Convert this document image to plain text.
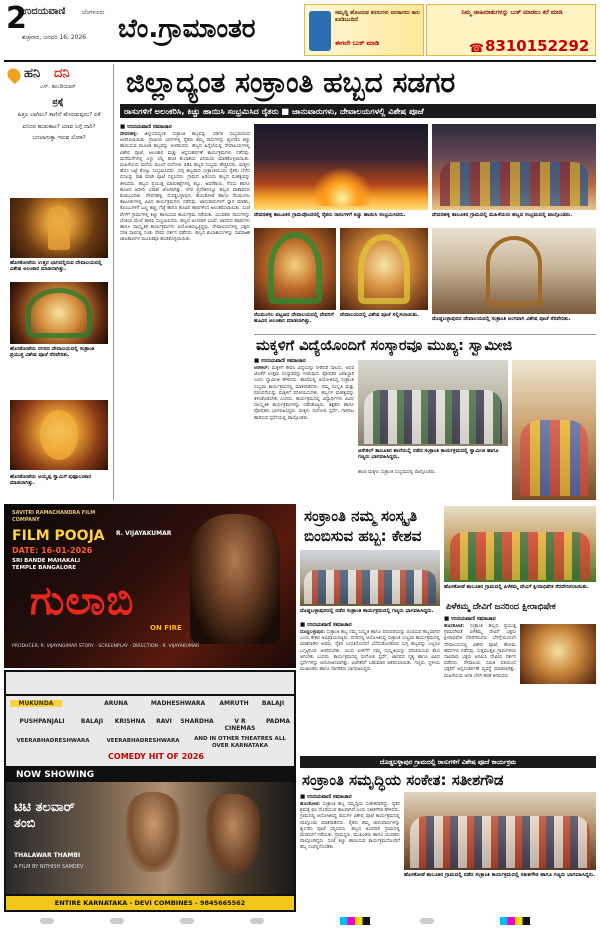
2
ಉದಯವಾಣಿ	ಬೆಂಗಳೂರು
ಶುಕ್ರವಾರ, ಜನವರಿ 16, 2026 ಬೆಂ.ಗ್ರಾಮಾಂತರ
ಸಮೃದ್ಧಿ ಹೊಂದುವ ಕನಸುಗಳು ನನಸಾಗಲು ಕಾಲ ಕೂಡಿಬಂದಿದೆ
ಈಗಲೇ ಬುಕ್ ಮಾಡಿ
ನಿಮ್ಮ ಜಾಹೀರಾತುಗಳನ್ನು ಬುಕ್ ಮಾಡಲು ಕರೆ ಮಾಡಿ
☎ 8310152292
ಹನಿ ದನಿ
ಎಸ್. ಹುಂಡಿಯಾರ್
ಪ್ರಶ್ನೆ
ಹಿತ್ತಲ ಬಾಗಿಲು? ಕಾಣಿದೆ ಹೊರಡುವುದು? ಏಕೆ ಏನಿದರ ಹುಡುಕಾಟ? ಯಾವ ಬಗ್ಗೆ ದಾರಿ? ಬದಲಾಗುತ್ತಾ ಇರುವ ಲೋಕ?
ಹೊಸಕೋಟೆಯ ಉತ್ತರ ಭಾಗದಲ್ಲಿರುವ ದೇವಾಲಯದಲ್ಲಿ ವಿಶೇಷ ಅಲಂಕಾರ ಮಾಡಲಾಗಿತ್ತು.
ಹೊಸಕೋಟೆಯ ನಗರದ ದೇವಾಲಯದಲ್ಲಿ ಸಂಕ್ರಾಂತಿ ಪ್ರಯುಕ್ತ ವಿಶೇಷ ಪೂಜೆ ನೆರವೇರಿತು.
ಹೊಸಕೋಟೆಯ ಅಯ್ಯಪ್ಪ ಸ್ವಾಮಿಗೆ ಪುಷ್ಪಾಲಂಕಾರ ಮಾಡಲಾಗಿತ್ತು.
ಜಿಲ್ಲಾದ್ಯಂತ ಸಂಕ್ರಾಂತಿ ಹಬ್ಬದ ಸಡಗರ
ರಾಸುಗಳಿಗೆ ಅಲಂಕರಿಸಿ, ಕಿಚ್ಚು ಹಾಯಿಸಿ ಸಂಭ್ರಮಿಸಿದ ರೈತರು ■ ಜಾನುವಾರುಗಳು, ದೇವಾಲಯಗಳಲ್ಲಿ ವಿಶೇಷ ಪೂಜೆ
■ ಉದಯವಾಣಿ ಸಮಾಚಾರ
ದೇವನಹಳ್ಳಿ: ಜಿಲ್ಲೆಯಾದ್ಯಂತ ಸಂಕ್ರಾಂತಿ ಹಬ್ಬವನ್ನು ಸಡಗರ ಸಂಭ್ರಮದಿಂದ ಆಚರಿಸಲಾಯಿತು. ಗ್ರಾಮೀಣ ಭಾಗಗಳಲ್ಲಿ ರೈತರು ತಮ್ಮ ರಾಸುಗಳನ್ನು ಶೃಂಗರಿಸಿ ಕಿಚ್ಚು ಹಾಯಿಸುವ ಮೂಲಕ ಹಬ್ಬವನ್ನು ಆಚರಿಸಿದರು. ಹಬ್ಬದ ಹಿನ್ನೆಲೆಯಲ್ಲಿ ದೇವಾಲಯಗಳಲ್ಲಿ ವಿಶೇಷ ಪೂಜೆ, ಅಲಂಕಾರ ಮತ್ತು ಅನ್ನಸಂತರ್ಪಣೆ ಕಾರ್ಯಕ್ರಮಗಳು ನಡೆದವು. ಮನೆಮನೆಗಳಲ್ಲಿ ಎಳ್ಳು ಬೆಲ್ಲ ಹಂಚಿ ಶುಭಾಶಯ ವಿನಿಮಯ ಮಾಡಿಕೊಳ್ಳಲಾಯಿತು. ಮಹಿಳೆಯರು ಮನೆಯ ಮುಂದೆ ರಂಗೋಲಿ ಬಿಡಿಸಿ ಹಬ್ಬದ ಸಂಭ್ರಮ ಹೆಚ್ಚಿಸಿದರು. ಮಕ್ಕಳು ಹೊಸ ಬಟ್ಟೆ ತೊಟ್ಟು ಸಂಭ್ರಮಿಸಿದರು. ಸುಗ್ಗಿ ಹಬ್ಬವಾದ ಸಂಕ್ರಾಂತಿಯಂದು ರೈತರು ಬೆಳೆದ ಫಸಲನ್ನು ರಾಶಿ ಮಾಡಿ ಪೂಜೆ ಸಲ್ಲಿಸಿದರು. ಗ್ರಾಮದ ಹಿರಿಯರು ಹಬ್ಬದ ಮಹತ್ವವನ್ನು ತಿಳಿಸಿದರು. ಹಬ್ಬದ ಪ್ರಯುಕ್ತ ಮಾರುಕಟ್ಟೆಗಳಲ್ಲಿ ಕಬ್ಬು, ಅವರೆಕಾಯಿ, ಗೆಣಸು ಹಾಗೂ ಹೂವಿನ ಖರೀದಿ ಭರಾಟೆ ಜೋರಾಗಿತ್ತು. ನಗರ ಪ್ರದೇಶದಲ್ಲೂ ಹಬ್ಬದ ವಾತಾವರಣ ಕಂಡುಬಂದಿತು. ದೇವನಹಳ್ಳಿ, ದೊಡ್ಡಬಳ್ಳಾಪುರ, ಹೊಸಕೋಟೆ ಹಾಗೂ ನೆಲಮಂಗಲ ತಾಲೂಕುಗಳಲ್ಲಿ ವಿವಿಧ ಕಾರ್ಯಕ್ರಮಗಳು ನಡೆದವು. ಜಾನುವಾರುಗಳಿಗೆ ಸ್ನಾನ ಮಾಡಿಸಿ, ಕೊಂಬುಗಳಿಗೆ ಬಣ್ಣ ಹಚ್ಚಿ, ಗೆಜ್ಜೆ ಹಾಗೂ ಹೂವಿನ ಹಾರಗಳಿಂದ ಅಲಂಕರಿಸಲಾಯಿತು. ಸಂಜೆ ವೇಳೆಗೆ ಗ್ರಾಮಗಳಲ್ಲಿ ಕಿಚ್ಚು ಹಾಯಿಸುವ ಕಾರ್ಯಕ್ರಮ ನಡೆಯಿತು. ಯುವಕರು ರಾಸುಗಳನ್ನು ಬೆಂಕಿಯ ಮೇಲೆ ಹಾರಿಸಿ ಸಂಭ್ರಮಿಸಿದರು. ಹಬ್ಬದ ಅಂಗವಾಗಿ ಭಜನೆ, ಜಾನಪದ ಹಾಡುಗಳು ಹಾಗೂ ಸಾಂಸ್ಕೃತಿಕ ಕಾರ್ಯಕ್ರಮಗಳು ಆಯೋಜಿಸಲ್ಪಟ್ಟಿದ್ದವು. ದೇವಾಲಯಗಳಲ್ಲಿ ಭಕ್ತರು ಸರತಿ ಸಾಲಿನಲ್ಲಿ ನಿಂತು ದೇವರ ದರ್ಶನ ಪಡೆದರು. ಹಬ್ಬದ ಶುಭಾಶಯಗಳನ್ನು ಸಾಮಾಜಿಕ ಜಾಲತಾಣಗಳ ಮೂಲಕವೂ ಹಂಚಿಕೊಳ್ಳಲಾಯಿತು.
ದೇವನಹಳ್ಳಿ ತಾಲೂಕಿನ ಗ್ರಾಮವೊಂದರಲ್ಲಿ ರೈತರು ರಾಸುಗಳಿಗೆ ಕಿಚ್ಚು ಹಾಯಿಸಿ ಸಂಭ್ರಮಿಸಿದರು.	ದೇವನಹಳ್ಳಿ ತಾಲೂಕಿನ ಗ್ರಾಮದಲ್ಲಿ ಮಹಿಳೆಯರು ಹಬ್ಬದ ಸಂಭ್ರಮದಲ್ಲಿ ಪಾಲ್ಗೊಂಡರು.
ನೆಲಮಂಗಲ ಪಟ್ಟಣದ ದೇವಾಲಯದಲ್ಲಿ ದೇವರಿಗೆ ಹೂವಿನ ಅಲಂಕಾರ ಮಾಡಲಾಗಿತ್ತು.
ದೇವಾಲಯದಲ್ಲಿ ವಿಶೇಷ ಪೂಜೆ ಸಲ್ಲಿಸಲಾಯಿತು.
ದೊಡ್ಡಬಳ್ಳಾಪುರದ ದೇವಾಲಯದಲ್ಲಿ ಸಂಕ್ರಾಂತಿ ಅಂಗವಾಗಿ ವಿಶೇಷ ಪೂಜೆ ನೆರವೇರಿತು.
ಮಕ್ಕಳಿಗೆ ವಿದ್ಯೆಯೊಂದಿಗೆ ಸಂಸ್ಕಾರವೂ ಮುಖ್ಯ: ಸ್ವಾಮೀಜಿ
■ ಉದಯವಾಣಿ ಸಮಾಚಾರ
ಆನೇಕಲ್: ಮಕ್ಕಳಿಗೆ ಕೇವಲ ವಿದ್ಯೆಯನ್ನು ನೀಡಿದರೆ ಸಾಲದು, ಅದರ ಜೊತೆಗೆ ಉತ್ತಮ ಸಂಸ್ಕಾರವನ್ನು ನೀಡುವುದು ಪೋಷಕರ ಜವಾಬ್ದಾರಿ ಎಂದು ಸ್ವಾಮೀಜಿ ಹೇಳಿದರು. ಶಾಲೆಯಲ್ಲಿ ಆಯೋಜಿಸಿದ್ದ ಸಂಕ್ರಾಂತಿ ಸಂಭ್ರಮ ಕಾರ್ಯಕ್ರಮದಲ್ಲಿ ಮಾತನಾಡಿದರು. ನಮ್ಮ ಸಂಸ್ಕೃತಿ ಮತ್ತು ಪರಂಪರೆಯನ್ನು ಮಕ್ಕಳಿಗೆ ಪರಿಚಯಿಸಬೇಕು. ಹಬ್ಬಗಳ ಮಹತ್ವವನ್ನು ತಿಳಿಸಿಕೊಡಬೇಕು ಎಂದರು. ಕಾರ್ಯಕ್ರಮದಲ್ಲಿ ವಿದ್ಯಾರ್ಥಿಗಳು ವಿವಿಧ ಸಾಂಸ್ಕೃತಿಕ ಕಾರ್ಯಕ್ರಮಗಳನ್ನು ನಡೆಸಿಕೊಟ್ಟರು. ಶಿಕ್ಷಕರು ಹಾಗೂ ಪೋಷಕರು ಭಾಗವಹಿಸಿದ್ದರು. ಮಕ್ಕಳು ರಂಗೋಲಿ ಸ್ಪರ್ಧೆ, ಗಾಳಿಪಟ ಹಾರಿಸುವ ಸ್ಪರ್ಧೆಯಲ್ಲಿ ಪಾಲ್ಗೊಂಡರು.
ಆನೇಕಲ್ ತಾಲೂಕಿನ ಶಾಲೆಯಲ್ಲಿ ನಡೆದ ಸಂಕ್ರಾಂತಿ ಕಾರ್ಯಕ್ರಮದಲ್ಲಿ ಸ್ವಾಮೀಜಿ ಹಾಗೂ ಗಣ್ಯರು ಭಾಗವಹಿಸಿದ್ದರು.
ಶಾಲಾ ಮಕ್ಕಳು ಸಂಕ್ರಾಂತಿ ಸಂಭ್ರಮದಲ್ಲಿ ಪಾಲ್ಗೊಂಡರು.
SAVITRI RAMACHANDRA FILM COMPANY
FILM POOJA
DATE: 16-01-2026
SRI BANDE MAHAKALI TEMPLE BANGALORE
R. VIJAYAKUMAR
ಗುಲಾಬಿ
ON FIRE
PRODUCER: R. VIJAYAKUMAR STORY - SCREENPLAY - DIRECTION - R. VIJAYAKUMAR
MUKUNDA	ARUNA	MADHESHWARA	AMRUTH	BALAJI
PUSHPANJALI	BALAJI	KRISHNA	RAVI	SHARDHA	V R CINEMAS
PADMA
VEERABHADRESHWARA	VEERABHADRESHWARA	AND IN OTHER THEATRES ALL OVER KARNATAKA
COMEDY HIT OF 2026
NOW SHOWING
ಟಿಟಿ ತಲವಾರ್ ತಂಬಿ
THALAWAR THAMBI
A FILM BY NITHISH SAMDEV
ENTIRE KARNATAKA - DEVI COMBINES - 9845665562
ಸಂಕ್ರಾಂತಿ ನಮ್ಮ ಸಂಸ್ಕೃತಿ
ಬಿಂಬಿಸುವ ಹಬ್ಬ: ಕೇಶವ
ದೊಡ್ಡಬಳ್ಳಾಪುರದಲ್ಲಿ ನಡೆದ ಸಂಕ್ರಾಂತಿ ಕಾರ್ಯಕ್ರಮದಲ್ಲಿ ಗಣ್ಯರು ಭಾಗವಹಿಸಿದ್ದರು.
■ ಉದಯವಾಣಿ ಸಮಾಚಾರ
ದೊಡ್ಡಬಳ್ಳಾಪುರ: ಸಂಕ್ರಾಂತಿ ಹಬ್ಬ ನಮ್ಮ ಸಂಸ್ಕೃತಿ ಹಾಗೂ ಪರಂಪರೆಯನ್ನು ಬಿಂಬಿಸುವ ಹಬ್ಬವಾಗಿದೆ ಎಂದು ಕೇಶವ ಅಭಿಪ್ರಾಯಪಟ್ಟರು. ನಗರದಲ್ಲಿ ಆಯೋಜಿಸಿದ್ದ ಸಂಕ್ರಾಂತಿ ಸಂಭ್ರಮ ಕಾರ್ಯಕ್ರಮದಲ್ಲಿ ಮಾತನಾಡಿದ ಅವರು, ರೈತರ ಬದುಕಿನೊಂದಿಗೆ ಬೆಸೆದುಕೊಂಡಿರುವ ಸುಗ್ಗಿ ಹಬ್ಬವನ್ನು ಎಲ್ಲರೂ ಒಗ್ಗಟ್ಟಿನಿಂದ ಆಚರಿಸಬೇಕು. ಯುವ ಪೀಳಿಗೆಗೆ ನಮ್ಮ ಸಂಸ್ಕೃತಿಯನ್ನು ಪರಿಚಯಿಸುವ ಕೆಲಸ ಆಗಬೇಕು ಎಂದರು. ಕಾರ್ಯಕ್ರಮದಲ್ಲಿ ರಂಗೋಲಿ ಸ್ಪರ್ಧೆ, ಜಾನಪದ ನೃತ್ಯ ಹಾಗೂ ವಿವಿಧ ಸ್ಪರ್ಧೆಗಳನ್ನು ಆಯೋಜಿಸಲಾಗಿತ್ತು. ವಿಜೇತರಿಗೆ ಬಹುಮಾನ ವಿತರಿಸಲಾಯಿತು. ಗಣ್ಯರು, ಸ್ಥಳೀಯ ಮುಖಂಡರು ಹಾಗೂ ನಾಗರಿಕರು ಭಾಗವಹಿಸಿದ್ದರು.
ಹೊಸಕೋಟೆ ತಾಲೂಕಿನ ಗ್ರಾಮದಲ್ಲಿ ಪಿಳೆಕಮ್ಮ ದೇವಿಗೆ ಕ್ಷೀರಾಭಿಷೇಕ ನೆರವೇರಿಸಲಾಯಿತು.
ಪಿಳೆಕಮ್ಮ ದೇವಿಗೆ ಜನರಿಂದ ಕ್ಷೀರಾಭಿಷೇಕ
■ ಉದಯವಾಣಿ ಸಮಾಚಾರ
ಹೊಸಕೋಟೆ: ಸಂಕ್ರಾಂತಿ ಹಬ್ಬದ ಪ್ರಯುಕ್ತ ಗ್ರಾಮದೇವತೆ ಪಿಳೆಕಮ್ಮ ದೇವಿಗೆ ಭಕ್ತರು ಕ್ಷೀರಾಭಿಷೇಕ ನೆರವೇರಿಸಿದರು. ಬೆಳಗ್ಗೆಯಿಂದಲೇ ದೇವಾಲಯದಲ್ಲಿ ವಿಶೇಷ ಪೂಜೆ, ಹೋಮ ಹವನಗಳು ನಡೆದವು. ಸುತ್ತಮುತ್ತಲ ಗ್ರಾಮಗಳಿಂದ ಸಾವಿರಾರು ಭಕ್ತರು ಆಗಮಿಸಿ ದೇವಿಯ ದರ್ಶನ ಪಡೆದರು. ದೇವಾಲಯ ಸಮಿತಿ ವತಿಯಿಂದ ಭಕ್ತರಿಗೆ ಅನ್ನಸಂತರ್ಪಣೆ ವ್ಯವಸ್ಥೆ ಮಾಡಲಾಗಿತ್ತು. ಮಹಿಳೆಯರು ಆರತಿ ಬೆಳಗಿ ಹರಕೆ ತೀರಿಸಿದರು.
ದೊಡ್ಡಬಳ್ಳಾಪುರ ಗ್ರಾಮದಲ್ಲಿ ರಾಸುಗಳಿಗೆ ವಿಶೇಷ ಪೂಜೆ ಕಾರ್ಯಕ್ರಮ
ಸಂಕ್ರಾಂತಿ ಸಮೃದ್ಧಿಯ ಸಂಕೇತ: ಸತೀಶಗೌಡ
■ ಉದಯವಾಣಿ ಸಮಾಚಾರ
ಹೊಸಕೋಟೆ: ಸಂಕ್ರಾಂತಿ ಹಬ್ಬ ಸಮೃದ್ಧಿಯ ಸಂಕೇತವಾಗಿದ್ದು, ರೈತರ ಶ್ರಮಕ್ಕೆ ಫಲ ದೊರೆಯುವ ಕಾಲವಾಗಿದೆ ಎಂದು ಸತೀಶಗೌಡ ಹೇಳಿದರು. ಗ್ರಾಮದಲ್ಲಿ ಆಯೋಜಿಸಿದ್ದ ರಾಸುಗಳ ವಿಶೇಷ ಪೂಜೆ ಕಾರ್ಯಕ್ರಮದಲ್ಲಿ ಪಾಲ್ಗೊಂಡು ಮಾತನಾಡಿದರು. ರೈತರು ತಮ್ಮ ಜಾನುವಾರುಗಳನ್ನು ಶೃಂಗರಿಸಿ ಪೂಜೆ ಸಲ್ಲಿಸಿದರು. ಹಬ್ಬದ ಅಂಗವಾಗಿ ಗ್ರಾಮದಲ್ಲಿ ಮೆರವಣಿಗೆ ನಡೆಯಿತು. ಗ್ರಾಮಸ್ಥರು, ಮುಖಂಡರು ಹಾಗೂ ಯುವಕರು ಪಾಲ್ಗೊಂಡಿದ್ದರು. ಸಂಜೆ ಕಿಚ್ಚು ಹಾಯಿಸುವ ಕಾರ್ಯಕ್ರಮದೊಂದಿಗೆ ಹಬ್ಬ ಸಂಪನ್ನಗೊಂಡಿತು.
ಹೊಸಕೋಟೆ ತಾಲೂಕಿನ ಗ್ರಾಮದಲ್ಲಿ ನಡೆದ ಸಂಕ್ರಾಂತಿ ಕಾರ್ಯಕ್ರಮದಲ್ಲಿ ಸತೀಶಗೌಡ ಹಾಗೂ ಗಣ್ಯರು ಭಾಗವಹಿಸಿದ್ದರು.
